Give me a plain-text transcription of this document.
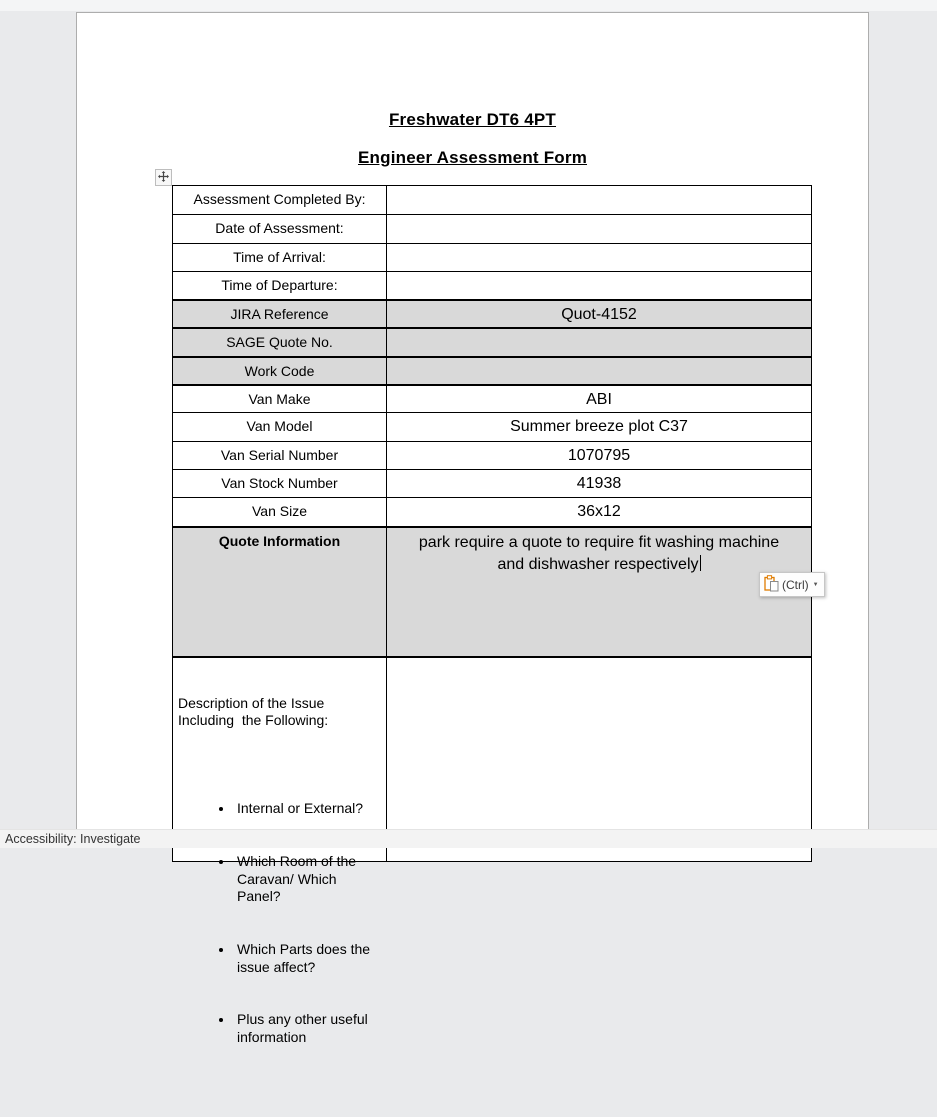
Freshwater DT6 4PT
Engineer Assessment Form
Assessment Completed By:
Date of Assessment:
Time of Arrival:
Time of Departure:
JIRA Reference	Quot-4152
SAGE Quote No.
Work Code
Van Make	ABI
Van Model	Summer breeze plot C37
Van Serial Number	1070795
Van Stock Number	41938
Van Size	36x12
Quote Information	park require a quote to require fit washing machine and dishwasher respectively

Description of the Issue Including  the Following:

• Internal or External?

• Which Room of the Caravan/ Which Panel?

• Which Parts does the issue affect?

• Plus any other useful information

(Ctrl) ▼
Accessibility: Investigate
